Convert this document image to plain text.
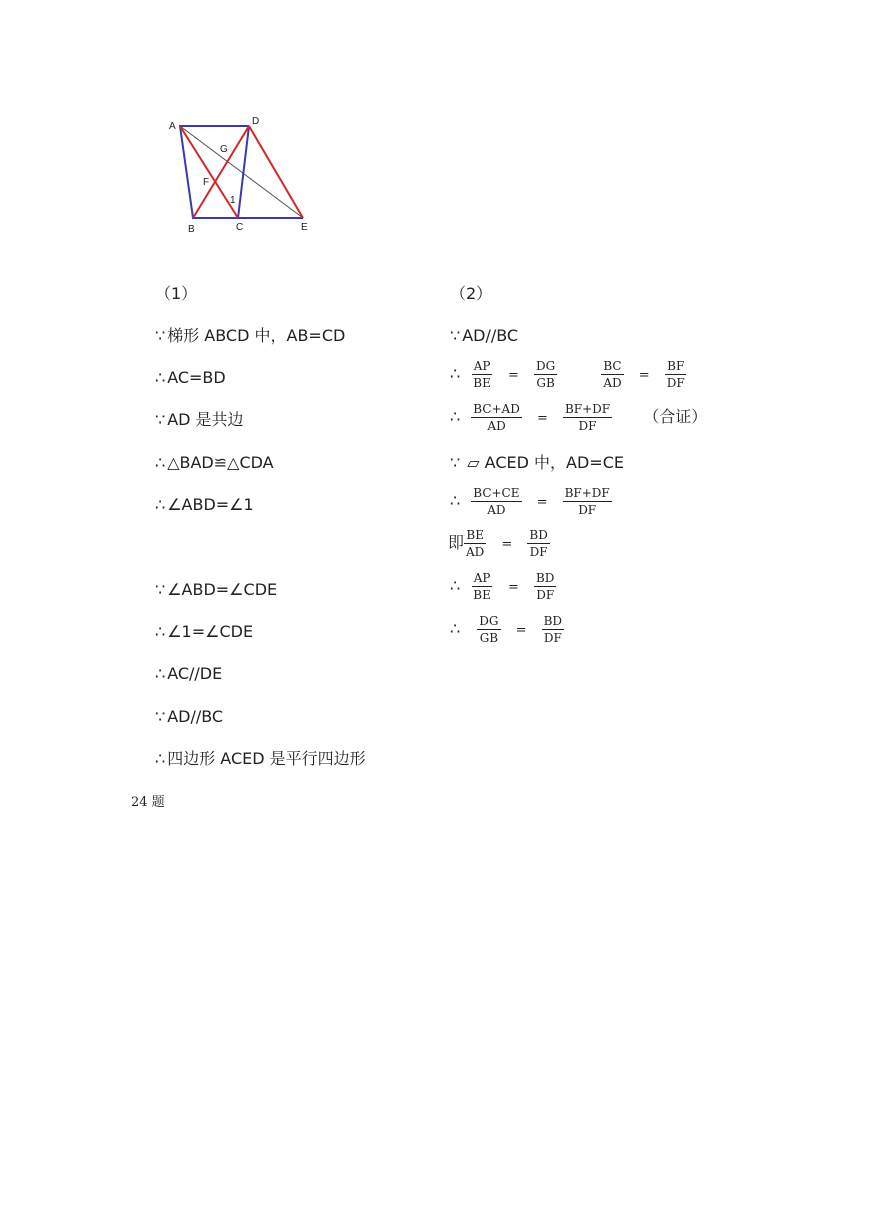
A	D
G
F
1
B	C	E
（1）
∵ 梯形 ABCD 中，AB=CD
∴ AC=BD
∵ AD 是共边
∴ △BAD≌△CDA
∴ ∠ABD=∠1
∵ ∠ABD=∠CDE
∴ ∠1=∠CDE
∴ AC//DE
∵ AD//BC
∴ 四边形 ACED 是平行四边形
（2）
∵ AD//BC
∴ $\frac{AP}{BE} = \frac{DG}{GB}$
	$\frac{BC}{AD} = \frac{BF}{DF}$
∴ $\frac{BC+AD}{AD} = \frac{BF+DF}{DF}$ （合证）
∵ ▱ ACED 中，AD=CE
∴ $\frac{BC+CE}{AD} = \frac{BF+DF}{DF}$
即 $\frac{BE}{AD} = \frac{BD}{DF}$
∴ $\frac{AP}{BE} = \frac{BD}{DF}$
∴ $\frac{DG}{GB} = \frac{BD}{DF}$
24 题
